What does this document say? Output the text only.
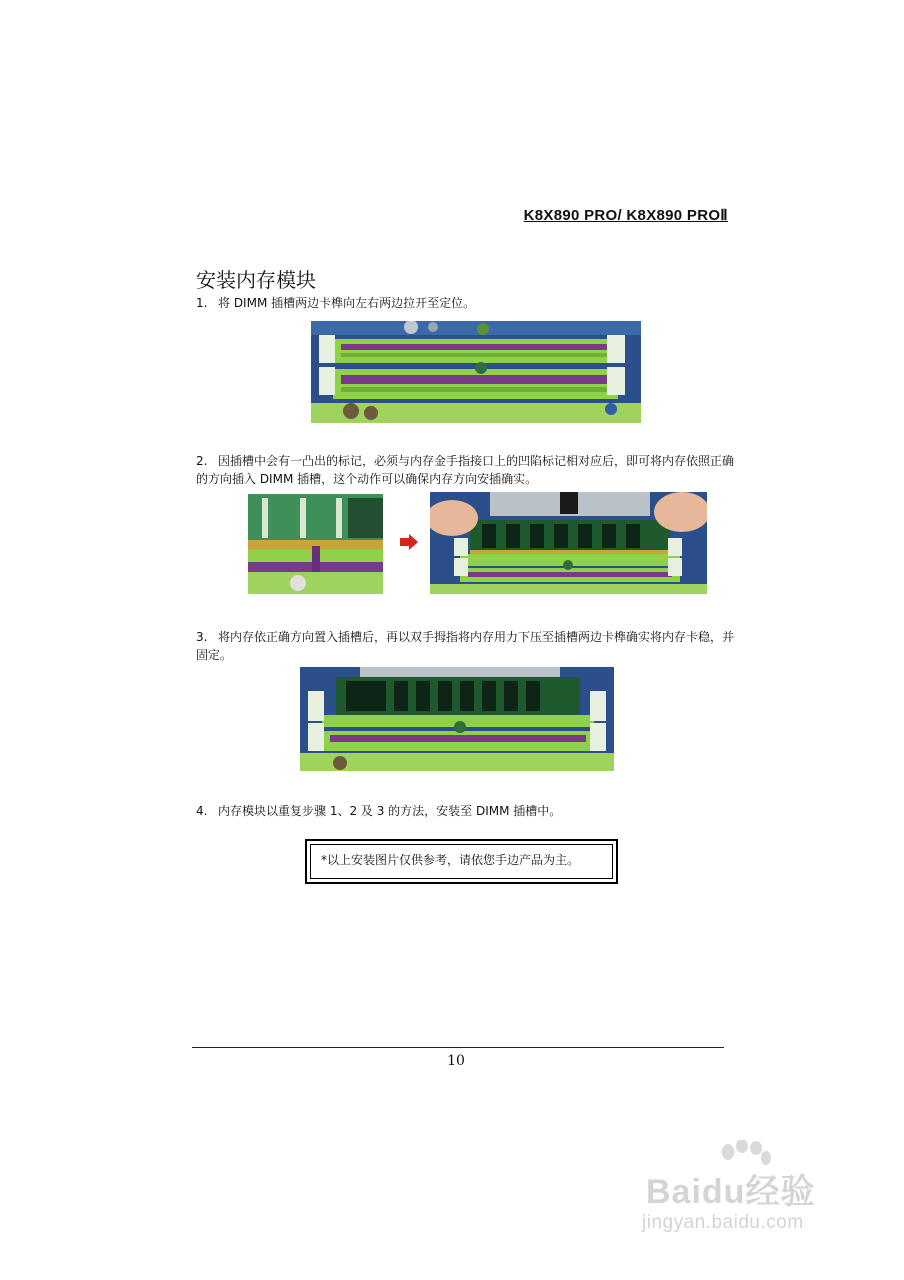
K8X890 PRO/ K8X890 PROⅡ
安装内存模块
1. 将 DIMM 插槽两边卡榫向左右两边拉开至定位。
2. 因插槽中会有一凸出的标记，必须与内存金手指接口上的凹陷标记相对应后，即可将内存依照正确的方向插入 DIMM 插槽，这个动作可以确保内存方向安插确实。
3. 将内存依正确方向置入插槽后，再以双手拇指将内存用力下压至插槽两边卡榫确实将内存卡稳，并固定。
4. 内存模块以重复步骤 1、2 及 3 的方法，安装至 DIMM 插槽中。
*以上安装图片仅供参考，请依您手边产品为主。
10
Baidu经验
jingyan.baidu.com
